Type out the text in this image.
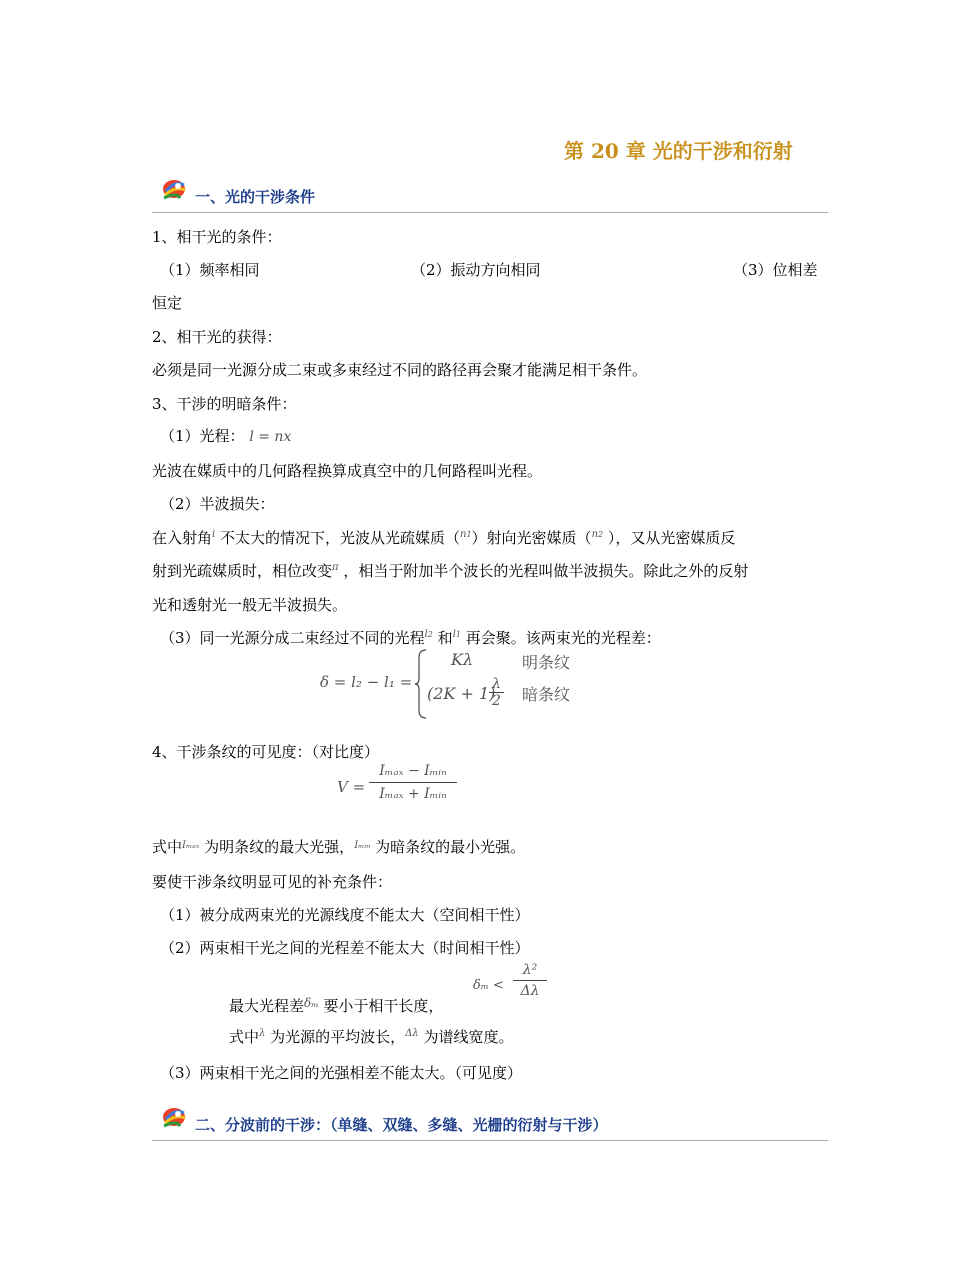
第 20 章 光的干涉和衍射
一、光的干涉条件
1、相干光的条件：
（1）频率相同	（2）振动方向相同	（3）位相差
恒定
2、相干光的获得：
必须是同一光源分成二束或多束经过不同的路径再会聚才能满足相干条件。
3、干涉的明暗条件：
（1）光程： l = nx
光波在媒质中的几何路程换算成真空中的几何路程叫光程。
（2）半波损失：
在入射角$^i$ 不太大的情况下，光波从光疏媒质（$^{n1}$）射向光密媒质（$^{n2}$ ），又从光密媒质反
射到光疏媒质时，相位改变$^\pi$ ，相当于附加半个波长的光程叫做半波损失。除此之外的反射
光和透射光一般无半波损失。
（3）同一光源分成二束经过不同的光程$^{l2}$ 和$^{l1}$ 再会聚。该两束光的光程差：
δ = l₂ − l₁ =
Kλ	明条纹
(2K + 1)
$\frac{\lambda}{2}$ 暗条纹
4、干涉条纹的可见度：（对比度）
V =
Iₘₐₓ − Iₘᵢₙ
Iₘₐₓ + Iₘᵢₙ
式中$^{I_{max}}$ 为明条纹的最大光强，$^{I_mᵢ_n}$ 为暗条纹的最小光强。
要使干涉条纹明显可见的补充条件：
（1）被分成两束光的光源线度不能太大（空间相干性）
（2）两束相干光之间的光程差不能太大（时间相干性）
最大光程差$^{\delta_m}$ 要小于相干长度，
$\delta_m < \frac{\text{λ²}}{\Delta\lambda}$
式中$^\lambda$ 为光源的平均波长，$^{\Delta\lambda}$ 为谱线宽度。
（3）两束相干光之间的光强相差不能太大。（可见度）
二、分波前的干涉：（单缝、双缝、多缝、光栅的衍射与干涉）
